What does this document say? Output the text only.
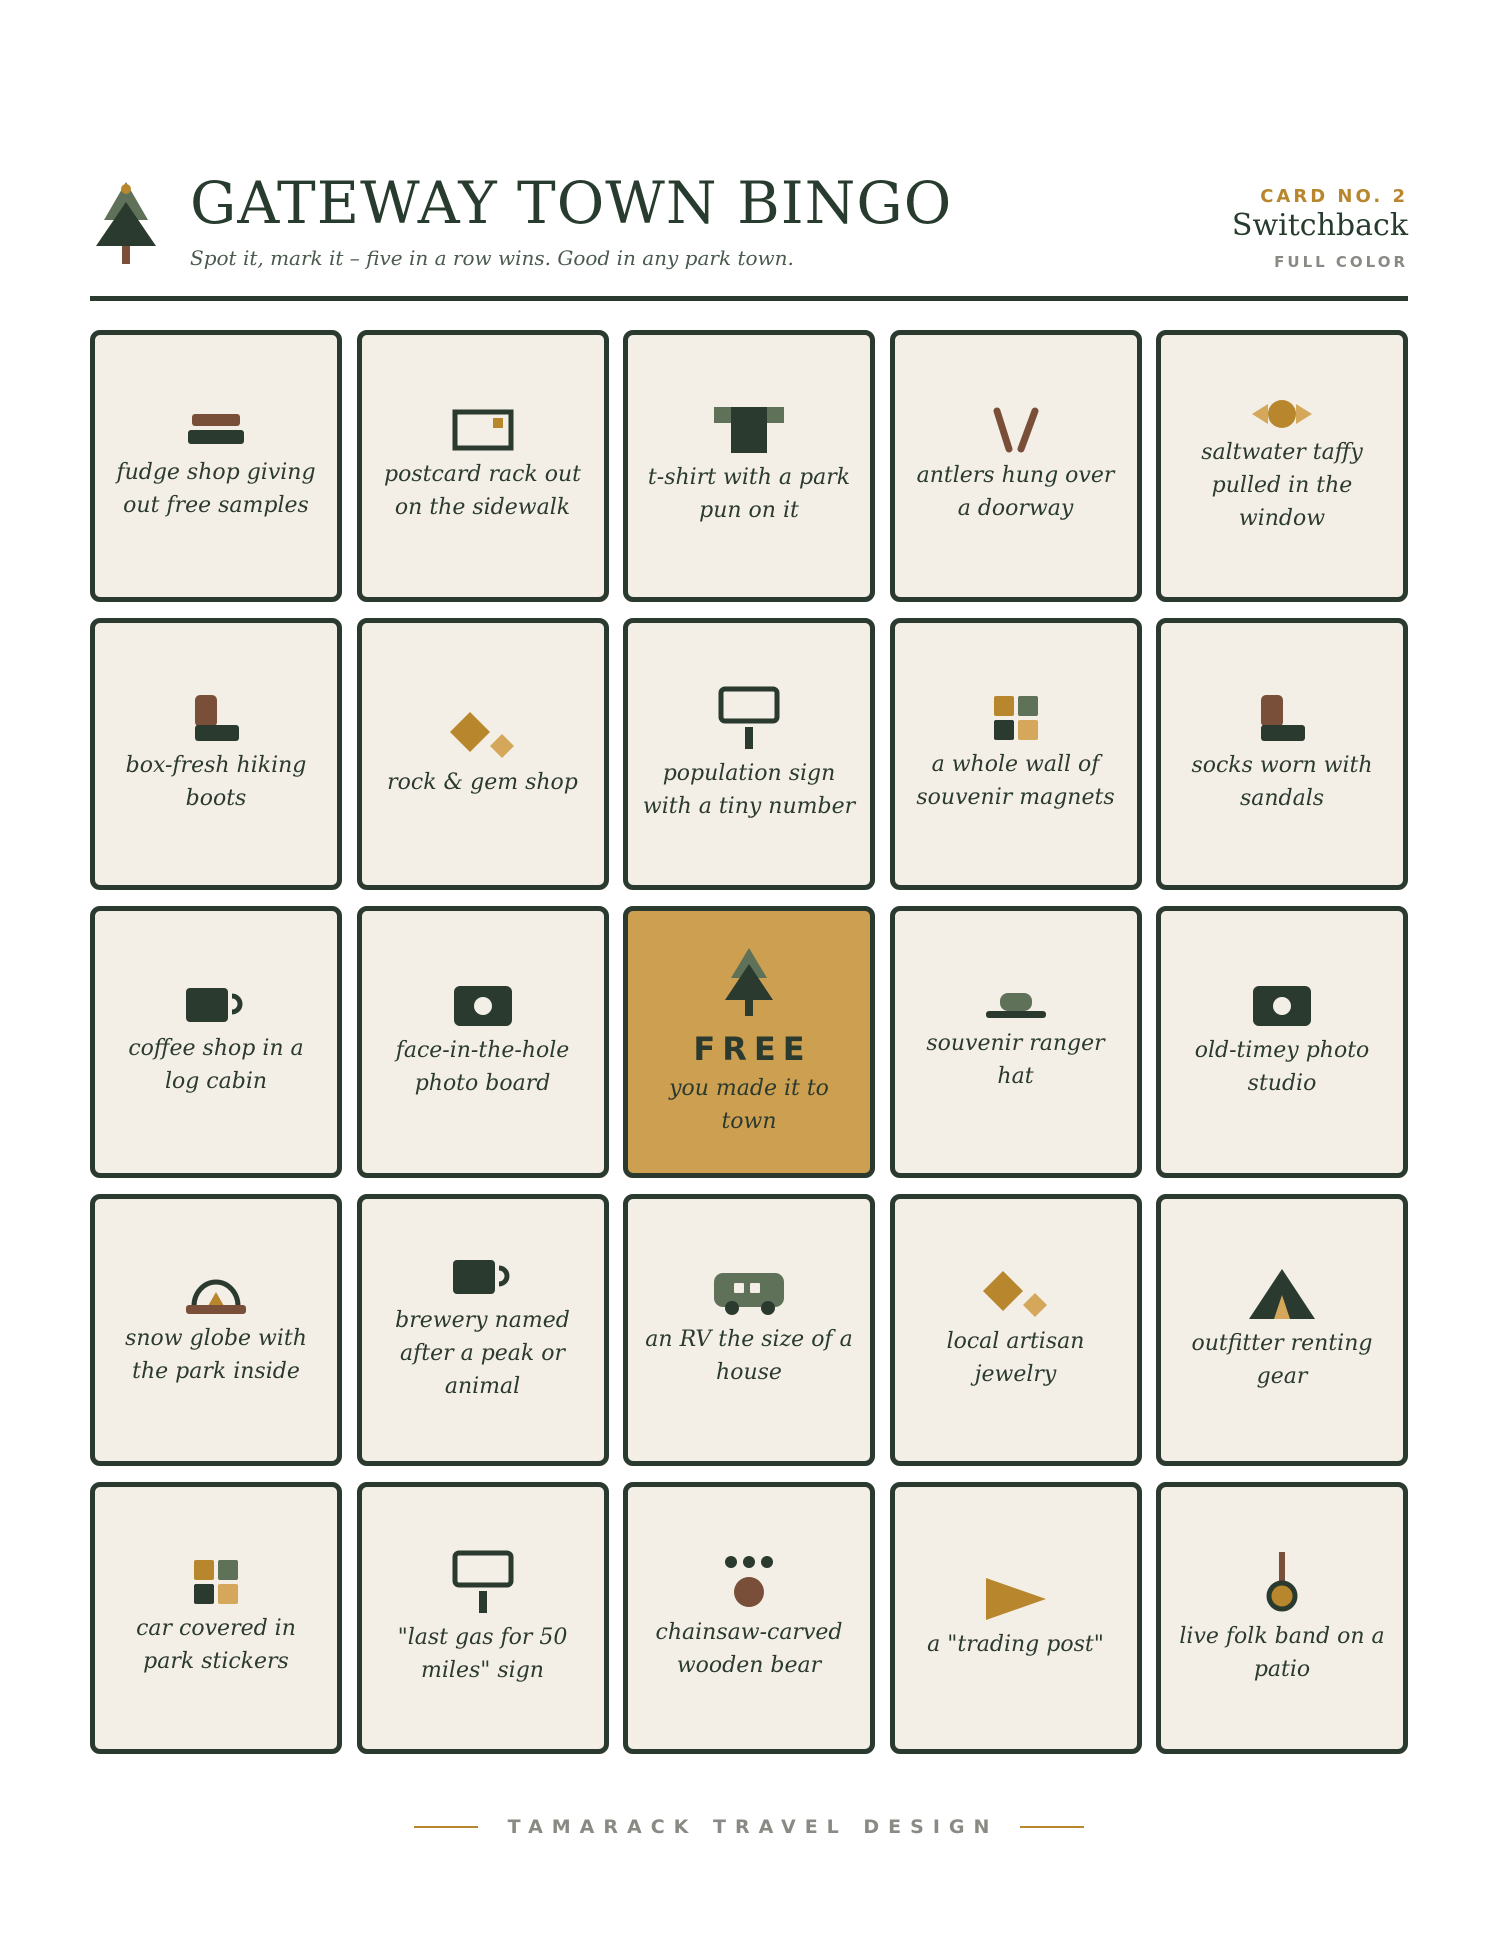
GATEWAY TOWN BINGO

Spot it, mark it – five in a row wins. Good in any park town.

CARD NO. 2
Switchback
FULL COLOR
fudge shop giving out free samples
postcard rack out on the sidewalk
t-shirt with a park pun on it
antlers hung over a doorway
saltwater taffy pulled in the window
box-fresh hiking boots
rock & gem shop	population sign with a tiny number
a whole wall of souvenir magnets
socks worn with sandals
coffee shop in a log cabin
face-in-the-hole photo board
FREE
you made it to town
souvenir ranger hat
old-timey photo studio
snow globe with the park inside
brewery named after a peak or animal
an RV the size of a house
local artisan jewelry
outfitter renting gear
car covered in park stickers
"last gas for 50 miles" sign
chainsaw-carved wooden bear
a "trading post"	live folk band on a patio
TAMARACK TRAVEL DESIGN
